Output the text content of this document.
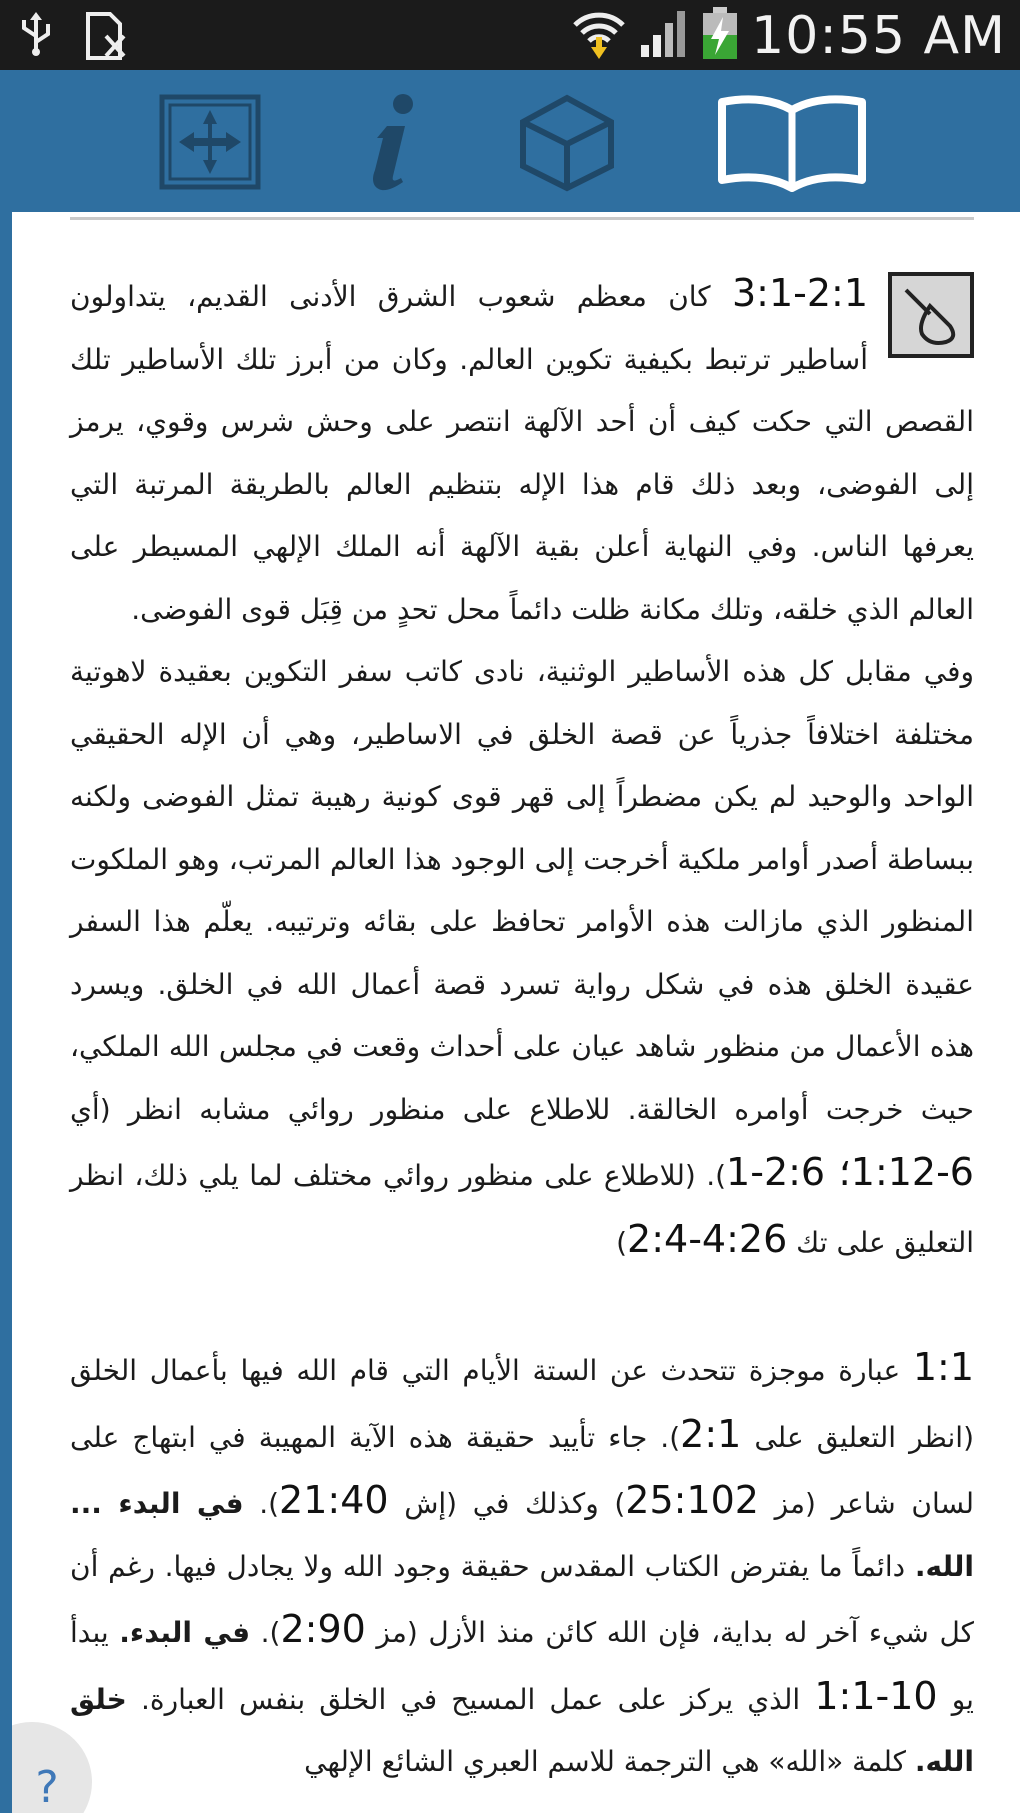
10:55 AM

3:1-2:1 كان معظم شعوب الشرق الأدنى القديم، يتداولون أساطير ترتبط بكيفية تكوين العالم. وكان من أبرز تلك الأساطير تلك القصص التي حكت كيف أن أحد الآلهة انتصر على وحش شرس وقوي، يرمز إلى الفوضى، وبعد ذلك قام هذا الإله بتنظيم العالم بالطريقة المرتبة التي يعرفها الناس. وفي النهاية أعلن بقية الآلهة أنه الملك الإلهي المسيطر على العالم الذي خلقه، وتلك مكانة ظلت دائماً محل تحدٍ من قِبَل قوى الفوضى.

وفي مقابل كل هذه الأساطير الوثنية، نادى كاتب سفر التكوين بعقيدة لاهوتية مختلفة اختلافاً جذرياً عن قصة الخلق في الاساطير، وهي أن الإله الحقيقي الواحد والوحيد لم يكن مضطراً إلى قهر قوى كونية رهيبة تمثل الفوضى ولكنه ببساطة أصدر أوامر ملكية أخرجت إلى الوجود هذا العالم المرتب، وهو الملكوت المنظور الذي مازالت هذه الأوامر تحافظ على بقائه وترتيبه. يعلّم هذا السفر عقيدة الخلق هذه في شكل رواية تسرد قصة أعمال الله في الخلق. ويسرد هذه الأعمال من منظور شاهد عيان على أحداث وقعت في مجلس الله الملكي، حيث خرجت أوامره الخالقة. للاطلاع على منظور روائي مشابه انظر (أي 1:12-6؛ 2:6-1). (للاطلاع على منظور روائي مختلف لما يلي ذلك، انظر التعليق على تك 2:4-4:26)

1:1 عبارة موجزة تتحدث عن الستة الأيام التي قام الله فيها بأعمال الخلق (انظر التعليق على 2:1). جاء تأييد حقيقة هذه الآية المهيبة في ابتهاج على لسان شاعر (مز 25:102) وكذلك في (إش 21:40). في البدء ... الله. دائماً ما يفترض الكتاب المقدس حقيقة وجود الله ولا يجادل فيها. رغم أن كل شيء آخر له بداية، فإن الله كائن منذ الأزل (مز 2:90). في البدء. يبدأ يو 1:1-10 الذي يركز على عمل المسيح في الخلق بنفس العبارة. خلق الله. كلمة «الله» هي الترجمة للاسم العبري الشائع الإلهي

?
